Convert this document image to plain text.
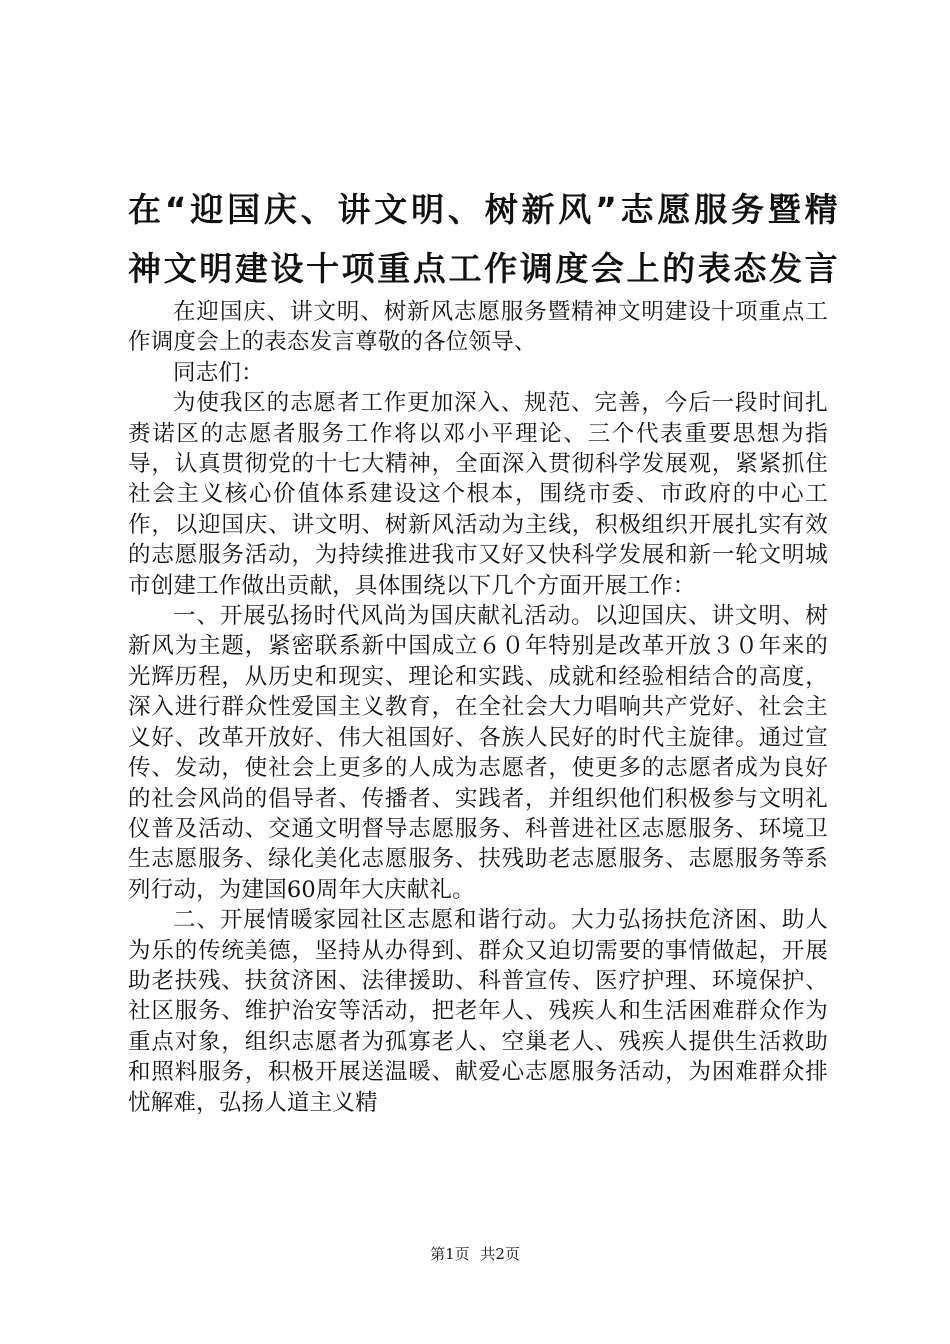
在“迎国庆、讲文明、树新风”志愿服务暨精
神文明建设十项重点工作调度会上的表态发言

在迎国庆、讲文明、树新风志愿服务暨精神文明建设十项重点工作调度会上的表态发言尊敬的各位领导、

同志们：

为使我区的志愿者工作更加深入、规范、完善，今后一段时间扎赉诺区的志愿者服务工作将以邓小平理论、三个代表重要思想为指导，认真贯彻党的十七大精神，全面深入贯彻科学发展观，紧紧抓住社会主义核心价值体系建设这个根本，围绕市委、市政府的中心工作，以迎国庆、讲文明、树新风活动为主线，积极组织开展扎实有效的志愿服务活动，为持续推进我市又好又快科学发展和新一轮文明城市创建工作做出贡献，具体围绕以下几个方面开展工作：

一、开展弘扬时代风尚为国庆献礼活动。以迎国庆、讲文明、树新风为主题，紧密联系新中国成立６０年特别是改革开放３０年来的光辉历程，从历史和现实、理论和实践、成就和经验相结合的高度，深入进行群众性爱国主义教育，在全社会大力唱响共产党好、社会主义好、改革开放好、伟大祖国好、各族人民好的时代主旋律。通过宣传、发动，使社会上更多的人成为志愿者，使更多的志愿者成为良好的社会风尚的倡导者、传播者、实践者，并组织他们积极参与文明礼仪普及活动、交通文明督导志愿服务、科普进社区志愿服务、环境卫生志愿服务、绿化美化志愿服务、扶残助老志愿服务、志愿服务等系列行动，为建国60周年大庆献礼。

二、开展情暖家园社区志愿和谐行动。大力弘扬扶危济困、助人为乐的传统美德，坚持从办得到、群众又迫切需要的事情做起，开展助老扶残、扶贫济困、法律援助、科普宣传、医疗护理、环境保护、社区服务、维护治安等活动，把老年人、残疾人和生活困难群众作为重点对象，组织志愿者为孤寡老人、空巢老人、残疾人提供生活救助和照料服务，积极开展送温暖、献爱心志愿服务活动，为困难群众排忧解难，弘扬人道主义精

第1页 共2页
